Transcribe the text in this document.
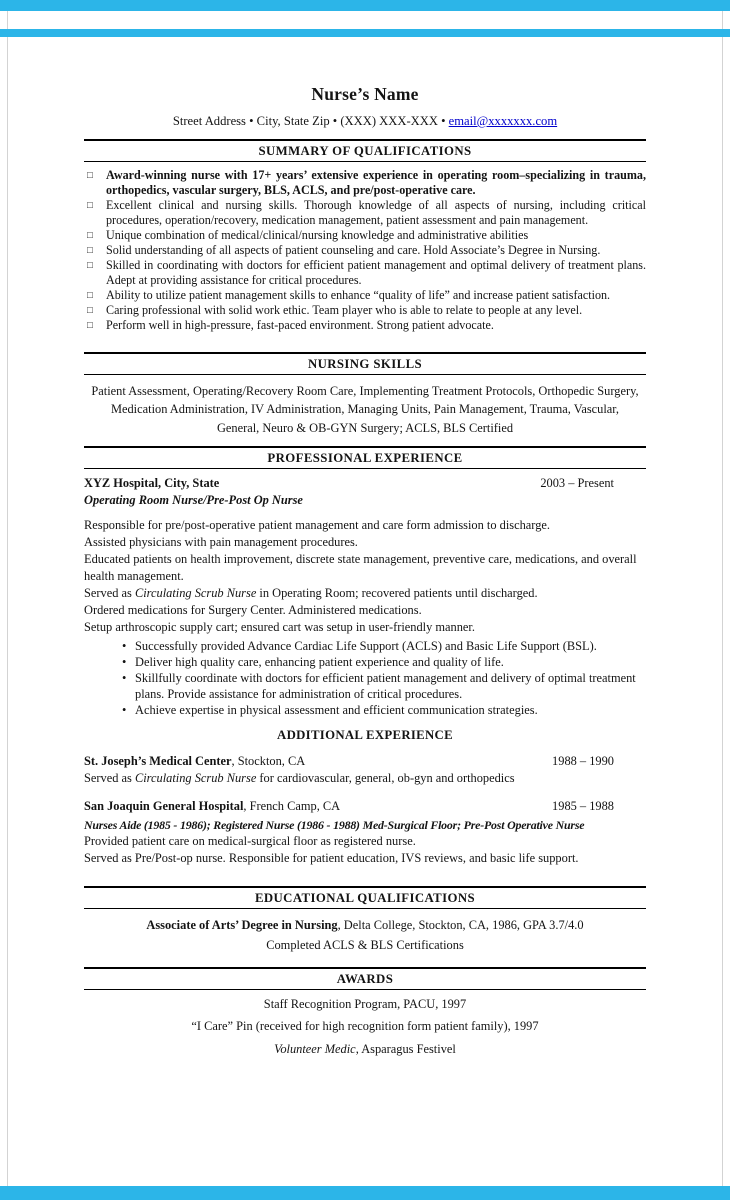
Nurse’s Name
Street Address • City, State Zip • (XXX) XXX-XXX • email@xxxxxxx.com
SUMMARY OF QUALIFICATIONS
□	Award-winning nurse with 17+ years’ extensive experience in operating room–specializing in trauma, orthopedics, vascular surgery, BLS, ACLS, and pre/post-operative care.
□	Excellent clinical and nursing skills. Thorough knowledge of all aspects of nursing, including critical procedures, operation/recovery, medication management, patient assessment and pain management.
□	Unique combination of medical/clinical/nursing knowledge and administrative abilities
□	Solid understanding of all aspects of patient counseling and care. Hold Associate’s Degree in Nursing.
□	Skilled in coordinating with doctors for efficient patient management and optimal delivery of treatment plans. Adept at providing assistance for critical procedures.
□	Ability to utilize patient management skills to enhance “quality of life” and increase patient satisfaction.
□	Caring professional with solid work ethic. Team player who is able to relate to people at any level.
□	Perform well in high-pressure, fast-paced environment. Strong patient advocate.
NURSING SKILLS
Patient Assessment, Operating/Recovery Room Care, Implementing Treatment Protocols, Orthopedic Surgery, Medication Administration, IV Administration, Managing Units, Pain Management, Trauma, Vascular, General, Neuro & OB-GYN Surgery; ACLS, BLS Certified
PROFESSIONAL EXPERIENCE
XYZ Hospital, City, State	2003 – Present
Operating Room Nurse/Pre-Post Op Nurse

Responsible for pre/post-operative patient management and care form admission to discharge.

Assisted physicians with pain management procedures.

Educated patients on health improvement, discrete state management, preventive care, medications, and overall health management.

Served as Circulating Scrub Nurse in Operating Room; recovered patients until discharged.

Ordered medications for Surgery Center. Administered medications.

Setup arthroscopic supply cart; ensured cart was setup in user-friendly manner.

• Successfully provided Advance Cardiac Life Support (ACLS) and Basic Life Support (BSL).
• Deliver high quality care, enhancing patient experience and quality of life.
• Skillfully coordinate with doctors for efficient patient management and delivery of optimal treatment plans. Provide assistance for administration of critical procedures.
• Achieve expertise in physical assessment and efficient communication strategies.
ADDITIONAL EXPERIENCE
St. Joseph’s Medical Center, Stockton, CA	1988 – 1990

Served as Circulating Scrub Nurse for cardiovascular, general, ob-gyn and orthopedics

San Joaquin General Hospital, French Camp, CA	1985 – 1988
Nurses Aide (1985 - 1986); Registered Nurse (1986 - 1988) Med-Surgical Floor; Pre-Post Operative Nurse

Provided patient care on medical-surgical floor as registered nurse.

Served as Pre/Post-op nurse. Responsible for patient education, IVS reviews, and basic life support.

EDUCATIONAL QUALIFICATIONS
Associate of Arts’ Degree in Nursing, Delta College, Stockton, CA, 1986, GPA 3.7/4.0
Completed ACLS & BLS Certifications
AWARDS
Staff Recognition Program, PACU, 1997
“I Care” Pin (received for high recognition form patient family), 1997
Volunteer Medic, Asparagus Festivel
